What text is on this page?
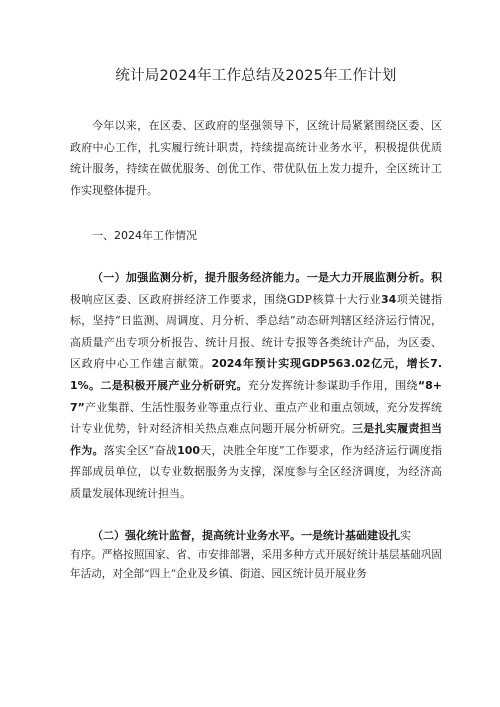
统计局2024年工作总结及2025年工作计划

今年以来，在区委、区政府的坚强领导下，区统计局紧紧围绕区委、区政府中心工作，扎实履行统计职责，持续提高统计业务水平，积极提供优质统计服务，持续在做优服务、创优工作、带优队伍上发力提升，全区统计工作实现整体提升。

一、2024年工作情况

（一）加强监测分析，提升服务经济能力。一是大力开展监测分析。积极响应区委、区政府拼经济工作要求，围绕GDP核算十大行业34项关键指标，坚持“日监测、周调度、月分析、季总结”动态研判辖区经济运行情况，高质量产出专项分析报告、统计月报、统计专报等各类统计产品，为区委、区政府中心工作建言献策。2024年预计实现GDP563.02亿元，增长7.1%。二是积极开展产业分析研究。充分发挥统计参谋助手作用，围绕“8+7”产业集群、生活性服务业等重点行业、重点产业和重点领域，充分发挥统计专业优势，针对经济相关热点难点问题开展分析研究。三是扎实履责担当作为。落实全区”奋战100天，决胜全年度”工作要求，作为经济运行调度指挥部成员单位，以专业数据服务为支撑，深度参与全区经济调度，为经济高质量发展体现统计担当。

（二）强化统计监督，提高统计业务水平。一是统计基础建设扎实

有序。严格按照国家、省、市安排部署，采用多种方式开展好统计基层基础巩固年活动，对全部“四上”企业及乡镇、街道、园区统计员开展业务
